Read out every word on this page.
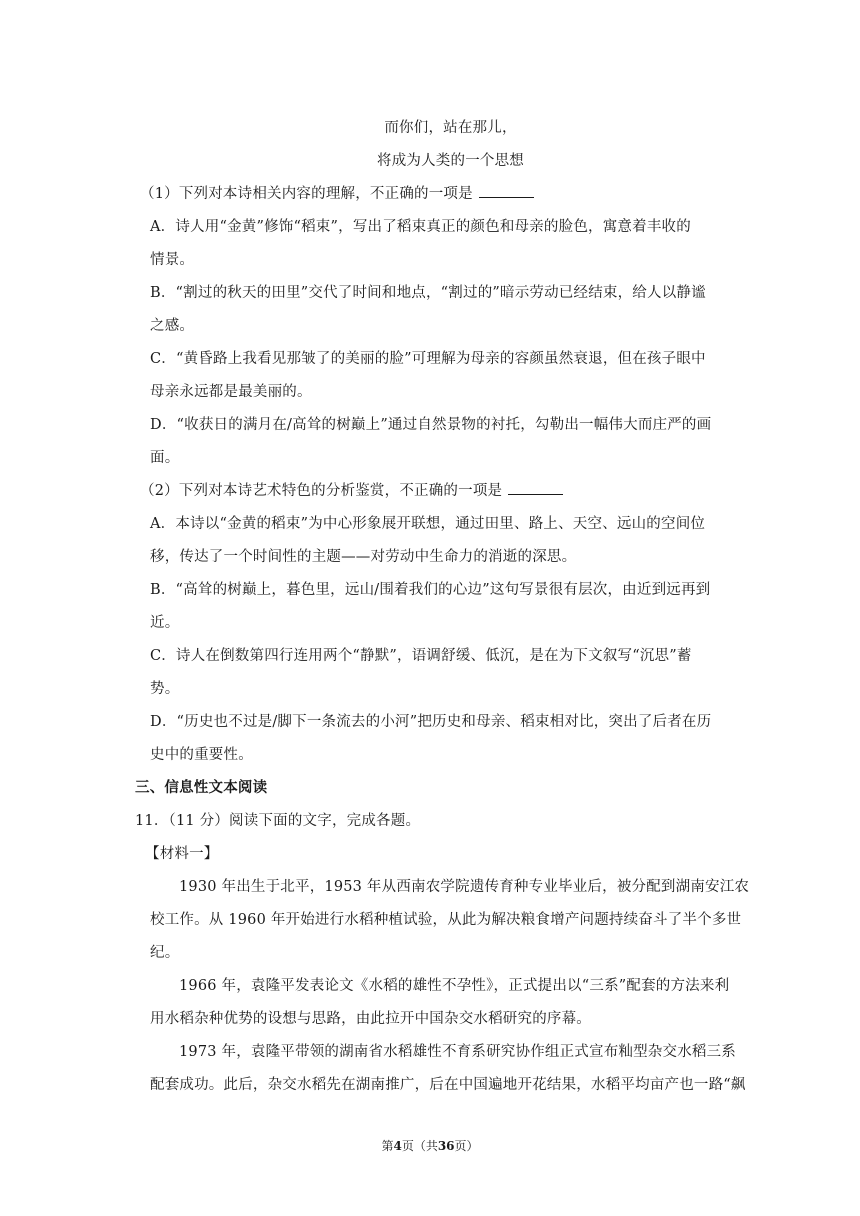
而你们，站在那儿，
将成为人类的一个思想
（1）下列对本诗相关内容的理解，不正确的一项是
A．诗人用“金黄”修饰“稻束”，写出了稻束真正的颜色和母亲的脸色，寓意着丰收的
情景。
B．“割过的秋天的田里”交代了时间和地点，“割过的”暗示劳动已经结束，给人以静谧
之感。
C．“黄昏路上我看见那皱了的美丽的脸”可理解为母亲的容颜虽然衰退，但在孩子眼中
母亲永远都是最美丽的。
D．“收获日的满月在/高耸的树巅上”通过自然景物的衬托，勾勒出一幅伟大而庄严的画
面。
（2）下列对本诗艺术特色的分析鉴赏，不正确的一项是
A．本诗以“金黄的稻束”为中心形象展开联想，通过田里、路上、天空、远山的空间位
移，传达了一个时间性的主题——对劳动中生命力的消逝的深思。
B．“高耸的树巅上，暮色里，远山/围着我们的心边”这句写景很有层次，由近到远再到
近。
C．诗人在倒数第四行连用两个“静默”，语调舒缓、低沉，是在为下文叙写“沉思”蓄
势。
D．“历史也不过是/脚下一条流去的小河”把历史和母亲、稻束相对比，突出了后者在历
史中的重要性。
三、信息性文本阅读
11．（11 分）阅读下面的文字，完成各题。
【材料一】
1930 年出生于北平，1953 年从西南农学院遗传育种专业毕业后，被分配到湖南安江农
校工作。从 1960 年开始进行水稻种植试验，从此为解决粮食增产问题持续奋斗了半个多世
纪。
1966 年，袁隆平发表论文《水稻的雄性不孕性》，正式提出以“三系”配套的方法来利
用水稻杂种优势的设想与思路，由此拉开中国杂交水稻研究的序幕。
1973 年，袁隆平带领的湖南省水稻雄性不育系研究协作组正式宣布籼型杂交水稻三系
配套成功。此后，杂交水稻先在湖南推广，后在中国遍地开花结果，水稻平均亩产也一路“飙
第4页（共36页）
